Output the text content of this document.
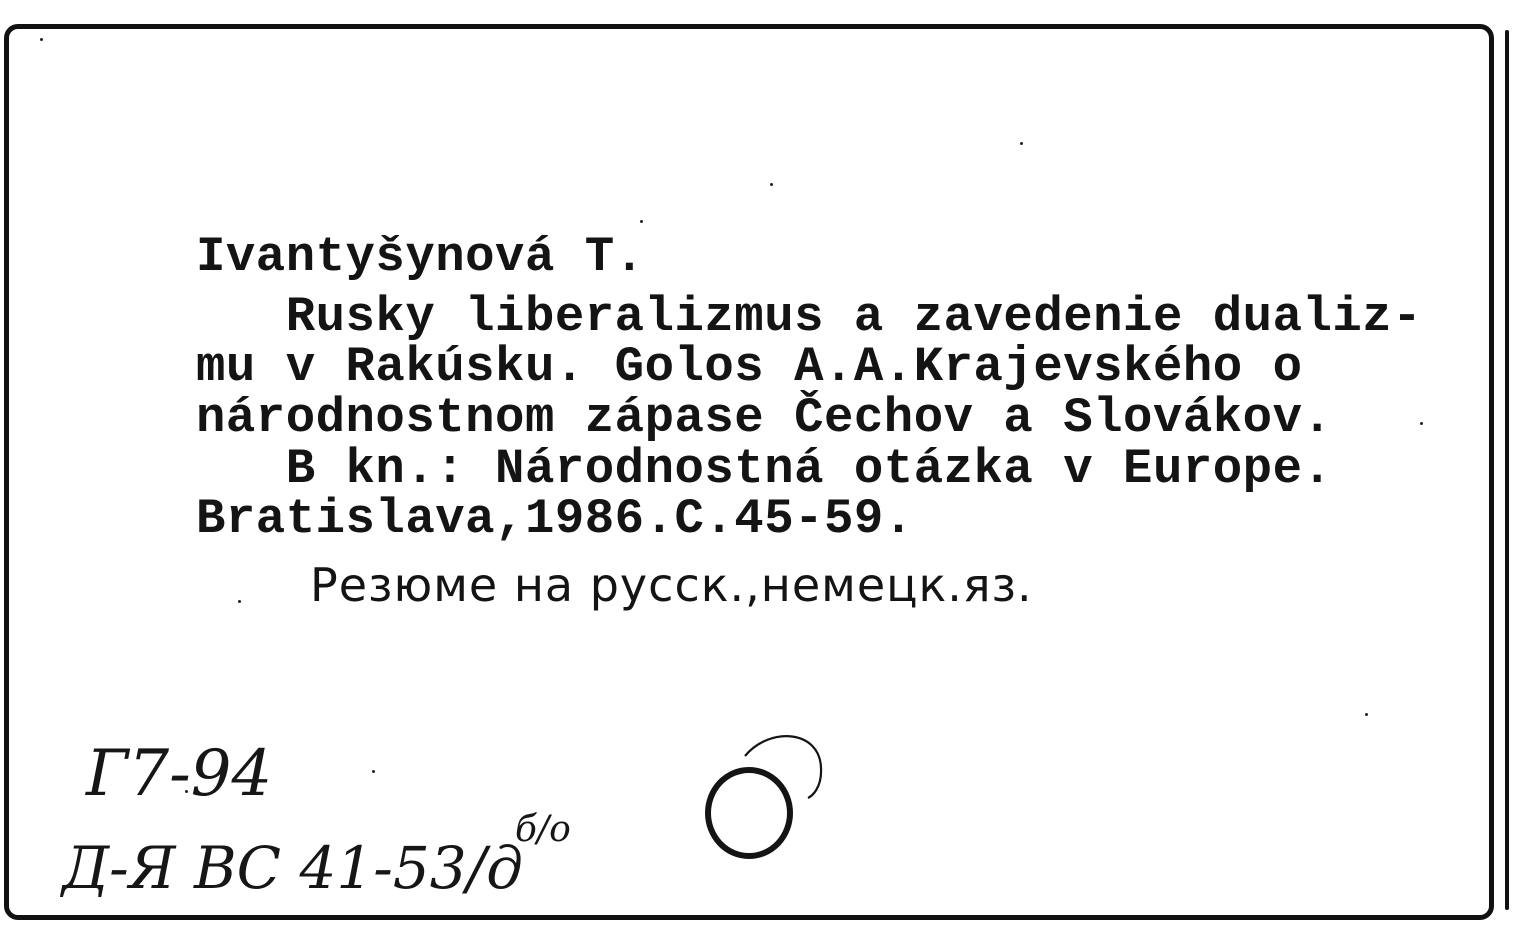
Ivantyšynová T.
Rusky liberalizmus a zavedenie dualiz-
mu v Rakúsku. Golos A.A.Krajevského o
národnostnom zápase Čechov a Slovákov.
B kn.: Národnostná otázka v Europe.
Bratislava,1986.C.45-59.
Резюме на русск.,немецк.яз.
Г7-94
Д-Я ВС 41-53/д
б/о
